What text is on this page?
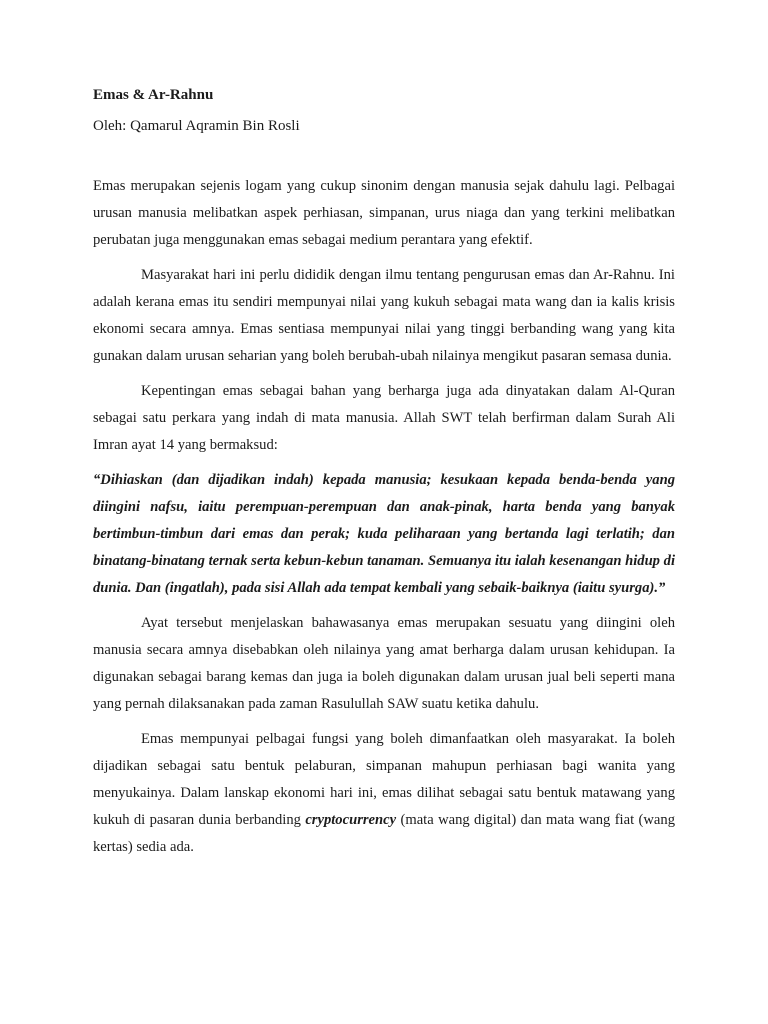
Emas & Ar-Rahnu

Oleh: Qamarul Aqramin Bin Rosli

Emas merupakan sejenis logam yang cukup sinonim dengan manusia sejak dahulu lagi. Pelbagai urusan manusia melibatkan aspek perhiasan, simpanan, urus niaga dan yang terkini melibatkan perubatan juga menggunakan emas sebagai medium perantara yang efektif.

Masyarakat hari ini perlu dididik dengan ilmu tentang pengurusan emas dan Ar-Rahnu. Ini adalah kerana emas itu sendiri mempunyai nilai yang kukuh sebagai mata wang dan ia kalis krisis ekonomi secara amnya. Emas sentiasa mempunyai nilai yang tinggi berbanding wang yang kita gunakan dalam urusan seharian yang boleh berubah-ubah nilainya mengikut pasaran semasa dunia.

Kepentingan emas sebagai bahan yang berharga juga ada dinyatakan dalam Al-Quran sebagai satu perkara yang indah di mata manusia. Allah SWT telah berfirman dalam Surah Ali Imran ayat 14 yang bermaksud:

“Dihiaskan (dan dijadikan indah) kepada manusia; kesukaan kepada benda-benda yang diingini nafsu, iaitu perempuan-perempuan dan anak-pinak, harta benda yang banyak bertimbun-timbun dari emas dan perak; kuda peliharaan yang bertanda lagi terlatih; dan binatang-binatang ternak serta kebun-kebun tanaman. Semuanya itu ialah kesenangan hidup di dunia. Dan (ingatlah), pada sisi Allah ada tempat kembali yang sebaik-baiknya (iaitu syurga).”

Ayat tersebut menjelaskan bahawasanya emas merupakan sesuatu yang diingini oleh manusia secara amnya disebabkan oleh nilainya yang amat berharga dalam urusan kehidupan. Ia digunakan sebagai barang kemas dan juga ia boleh digunakan dalam urusan jual beli seperti mana yang pernah dilaksanakan pada zaman Rasulullah SAW suatu ketika dahulu.

Emas mempunyai pelbagai fungsi yang boleh dimanfaatkan oleh masyarakat. Ia boleh dijadikan sebagai satu bentuk pelaburan, simpanan mahupun perhiasan bagi wanita yang menyukainya. Dalam lanskap ekonomi hari ini, emas dilihat sebagai satu bentuk matawang yang kukuh di pasaran dunia berbanding cryptocurrency (mata wang digital) dan mata wang fiat (wang kertas) sedia ada.
